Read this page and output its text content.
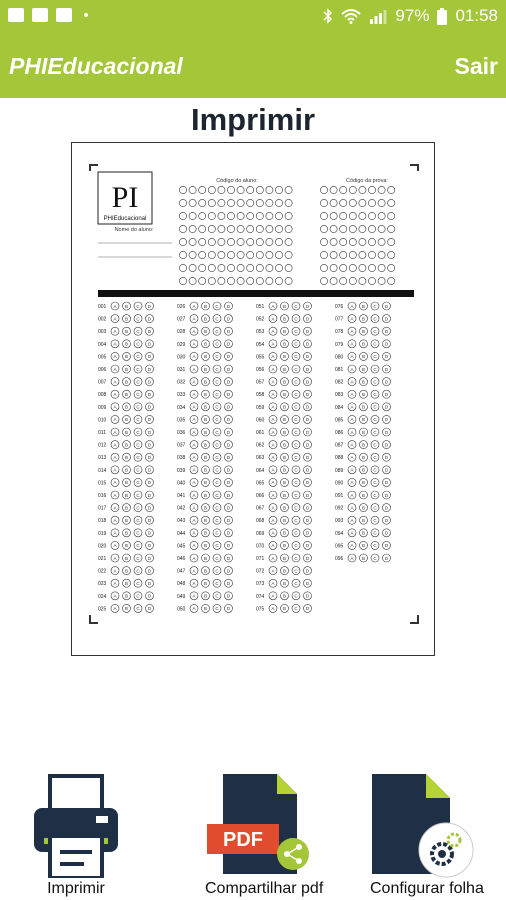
97% 01:58
PHIEducacional	Sair
Imprimir
PI
PHIEducacional
Código do aluno:	Código da prova:
Nome do aluno:
001 A B C D
002 A B C D
003 A B C D
004 A B C D
005 A B C D
006 A B C D
007 A B C D
008 A B C D
009 A B C D
010 A B C D
011 A B C D
012 A B C D
013 A B C D
014 A B C D
015 A B C D
016 A B C D
017 A B C D
018 A B C D
019 A B C D
020 A B C D
021 A B C D
022 A B C D
023 A B C D
024 A B C D
025 A B C D
026 A B C D
027 A B C D
028 A B C D
029 A B C D
030 A B C D
031 A B C D
032 A B C D
033 A B C D
034 A B C D
035 A B C D
036 A B C D
037 A B C D
038 A B C D
039 A B C D
040 A B C D
041 A B C D
042 A B C D
043 A B C D
044 A B C D
045 A B C D
046 A B C D
047 A B C D
048 A B C D
049 A B C D
050 A B C D
051 A B C D
052 A B C D
053 A B C D
054 A B C D
055 A B C D
056 A B C D
057 A B C D
058 A B C D
059 A B C D
060 A B C D
061 A B C D
062 A B C D
063 A B C D
064 A B C D
065 A B C D
066 A B C D
067 A B C D
068 A B C D
069 A B C D
070 A B C D
071 A B C D
072 A B C D
073 A B C D
074 A B C D
075 A B C D
076 A B C D
077 A B C D
078 A B C D
079 A B C D
080 A B C D
081 A B C D
082 A B C D
083 A B C D
084 A B C D
085 A B C D
086 A B C D
087 A B C D
088 A B C D
089 A B C D
090 A B C D
091 A B C D
092 A B C D
093 A B C D
094 A B C D
095 A B C D
096 A B C D
Imprimir
PDF
Compartilhar pdf	Configurar folha
